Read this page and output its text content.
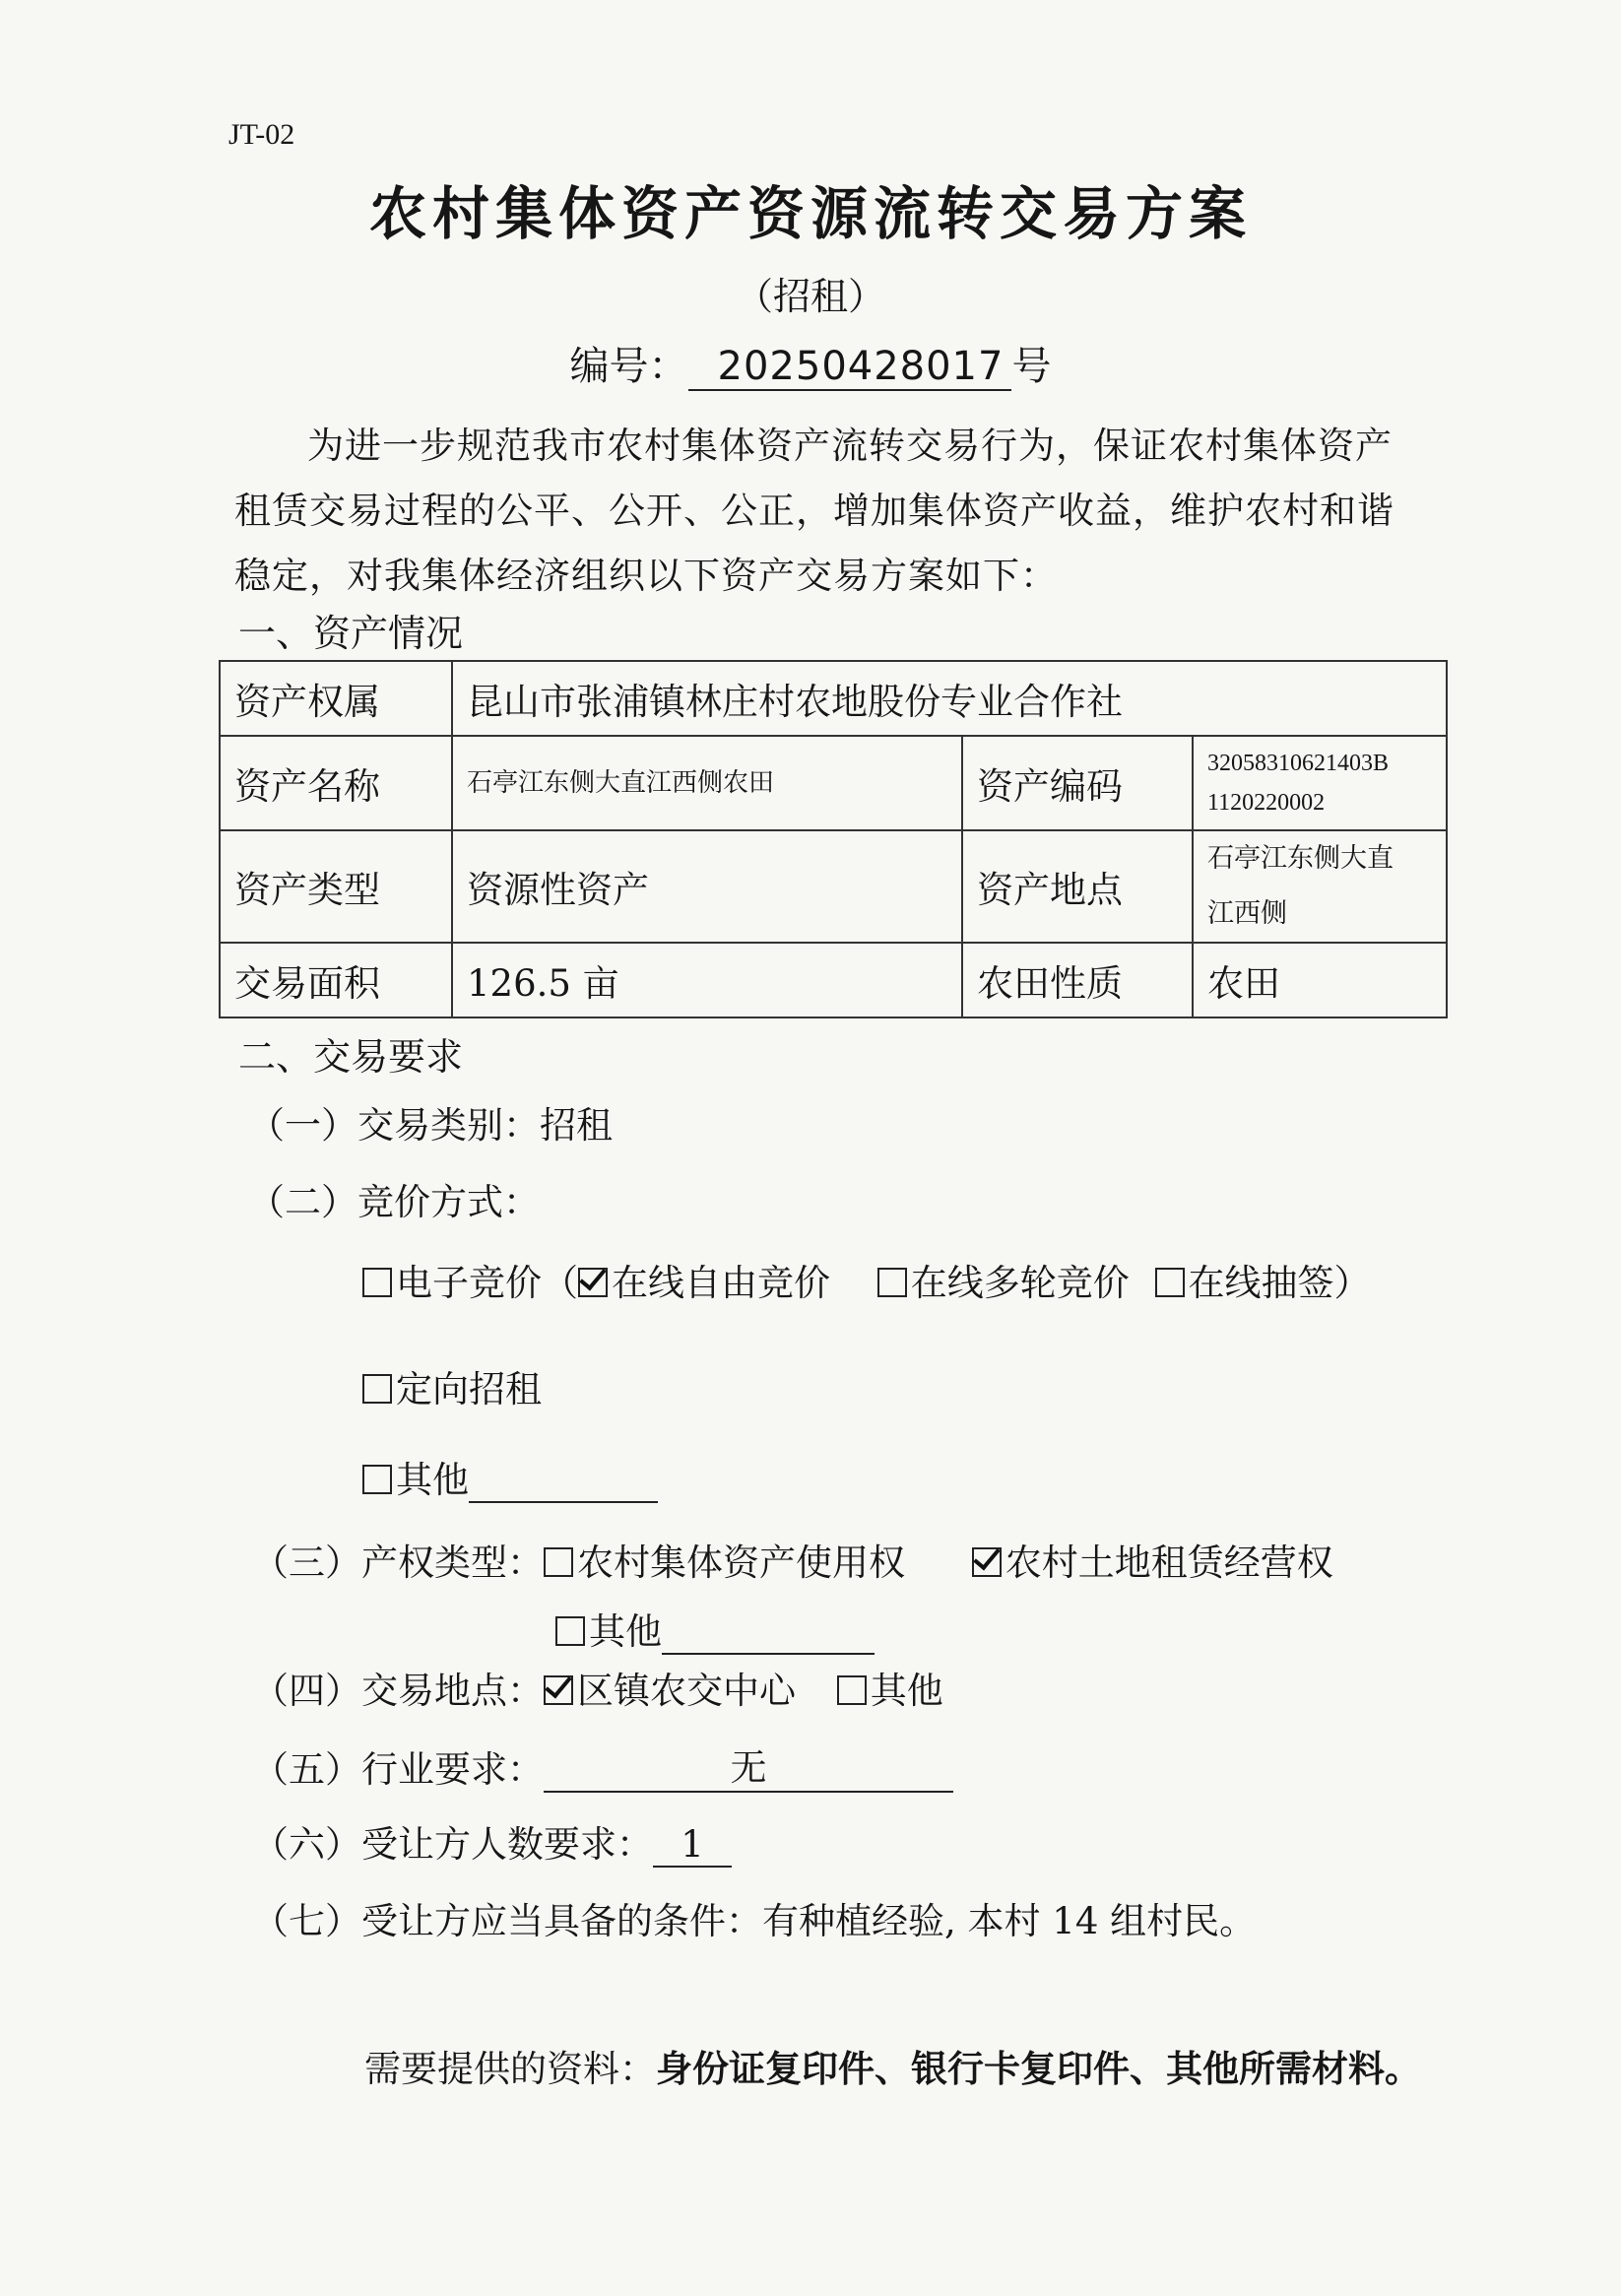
JT-02
农村集体资产资源流转交易方案
（招租）
编号： 20250428017 号
为进一步规范我市农村集体资产流转交易行为，保证农村集体资产
租赁交易过程的公平、公开、公正，增加集体资产收益，维护农村和谐
稳定，对我集体经济组织以下资产交易方案如下：
一、资产情况
资产权属	昆山市张浦镇林庄村农地股份专业合作社		
资产名称	石亭江东侧大直江西侧农田	资产编码	32058310621403B
1120220002

资产类型	资源性资产	资产地点	石亭江东侧大直
江西侧

交易面积	126.5 亩	农田性质	农田
二、交易要求
（一）交易类别：招租
（二）竞价方式：
电子竞价（ 在线自由竞价 在线多轮竞价 在线抽签）
定向招租
其他
（三）产权类型： 农村集体资产使用权	农村土地租赁经营权
其他
（四）交易地点： 区镇农交中心 其他
（五）行业要求：	无
（六）受让方人数要求： 1
（七）受让方应当具备的条件：有种植经验, 本村 14 组村民。
需要提供的资料：身份证复印件、银行卡复印件、其他所需材料。
